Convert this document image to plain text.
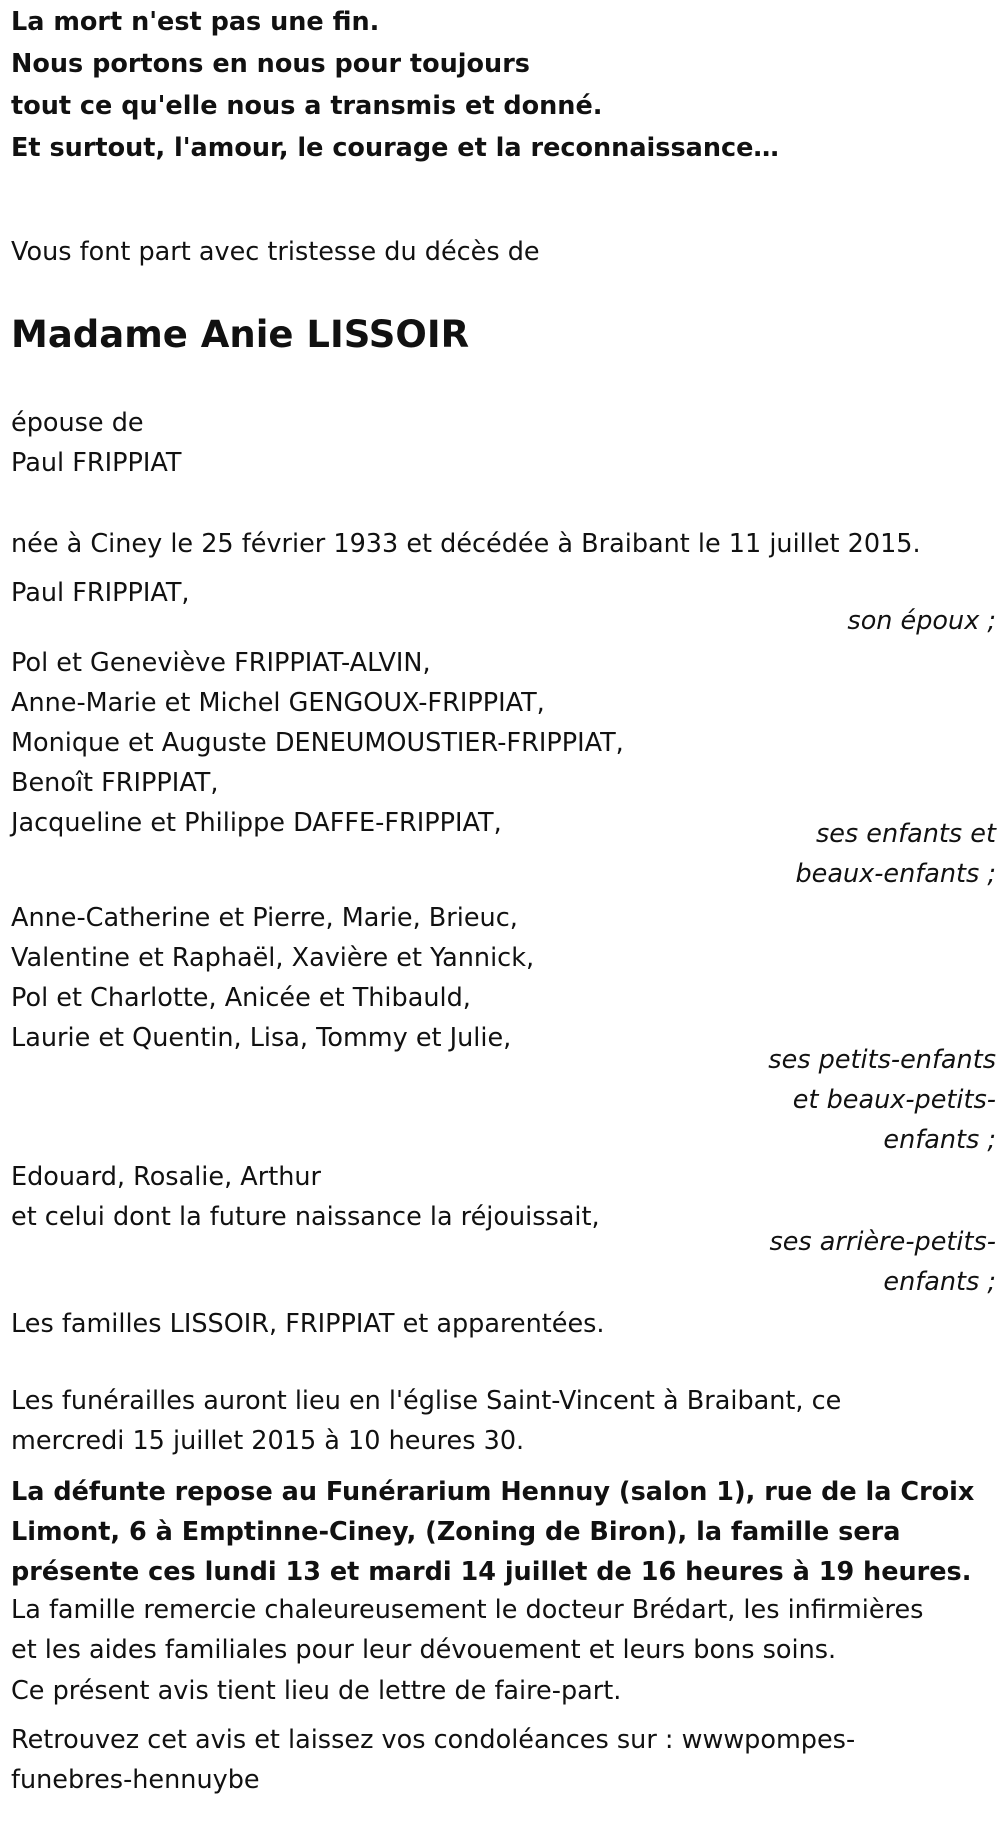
La mort n'est pas une fin.
Nous portons en nous pour toujours
tout ce qu'elle nous a transmis et donné.
Et surtout, l'amour, le courage et la reconnaissance…
Vous font part avec tristesse du décès de
Madame Anie LISSOIR
épouse de
Paul FRIPPIAT
née à Ciney le 25 février 1933 et décédée à Braibant le 11 juillet 2015.
Paul FRIPPIAT,
son époux ;
Pol et Geneviève FRIPPIAT-ALVIN,
Anne-Marie et Michel GENGOUX-FRIPPIAT,
Monique et Auguste DENEUMOUSTIER-FRIPPIAT,
Benoît FRIPPIAT,
Jacqueline et Philippe DAFFE-FRIPPIAT,	ses enfants et
beaux-enfants ;
Anne-Catherine et Pierre, Marie, Brieuc,
Valentine et Raphaël, Xavière et Yannick,
Pol et Charlotte, Anicée et Thibauld,
Laurie et Quentin, Lisa, Tommy et Julie,
ses petits-enfants
et beaux-petits-
enfants ;
Edouard, Rosalie, Arthur
et celui dont la future naissance la réjouissait,
ses arrière-petits-
enfants ;
Les familles LISSOIR, FRIPPIAT et apparentées.
Les funérailles auront lieu en l'église Saint-Vincent à Braibant, ce
mercredi 15 juillet 2015 à 10 heures 30.
La défunte repose au Funérarium Hennuy (salon 1), rue de la Croix
Limont, 6 à Emptinne-Ciney, (Zoning de Biron), la famille sera
présente ces lundi 13 et mardi 14 juillet de 16 heures à 19 heures.
La famille remercie chaleureusement le docteur Brédart, les infirmières
et les aides familiales pour leur dévouement et leurs bons soins.
Ce présent avis tient lieu de lettre de faire-part.
Retrouvez cet avis et laissez vos condoléances sur : wwwpompes-
funebres-hennuybe
